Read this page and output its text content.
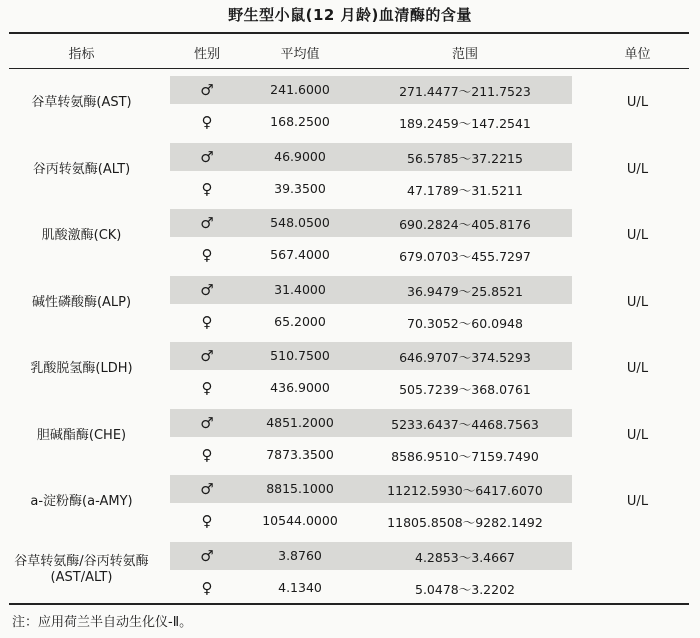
野生型小鼠(12 月龄)血清酶的含量
指标	性别	平均值	范围	单位
谷草转氨酶(AST)
♂	241.6000	271.4477～211.7523
♀	168.2500	189.2459～147.2541
U/L
谷丙转氨酶(ALT)
♂	46.9000	56.5785～37.2215
♀	39.3500	47.1789～31.5211
U/L
肌酸激酶(CK)
♂	548.0500	690.2824～405.8176
♀	567.4000	679.0703～455.7297
U/L
碱性磷酸酶(ALP)
♂	31.4000	36.9479～25.8521
♀	65.2000	70.3052～60.0948
U/L
乳酸脱氢酶(LDH)
♂	510.7500	646.9707～374.5293
♀	436.9000	505.7239～368.0761
U/L
胆碱酯酶(CHE)
♂	4851.2000	5233.6437～4468.7563
♀	7873.3500	8586.9510～7159.7490
U/L
a-淀粉酶(a-AMY)
♂	8815.1000	11212.5930～6417.6070
♀	10544.0000	11805.8508～9282.1492
U/L
谷草转氨酶/谷丙转氨酶 (AST/ALT)
♂	3.8760	4.2853～3.4667
♀	4.1340	5.0478～3.2202
注：应用荷兰半自动生化仪-Ⅱ。
